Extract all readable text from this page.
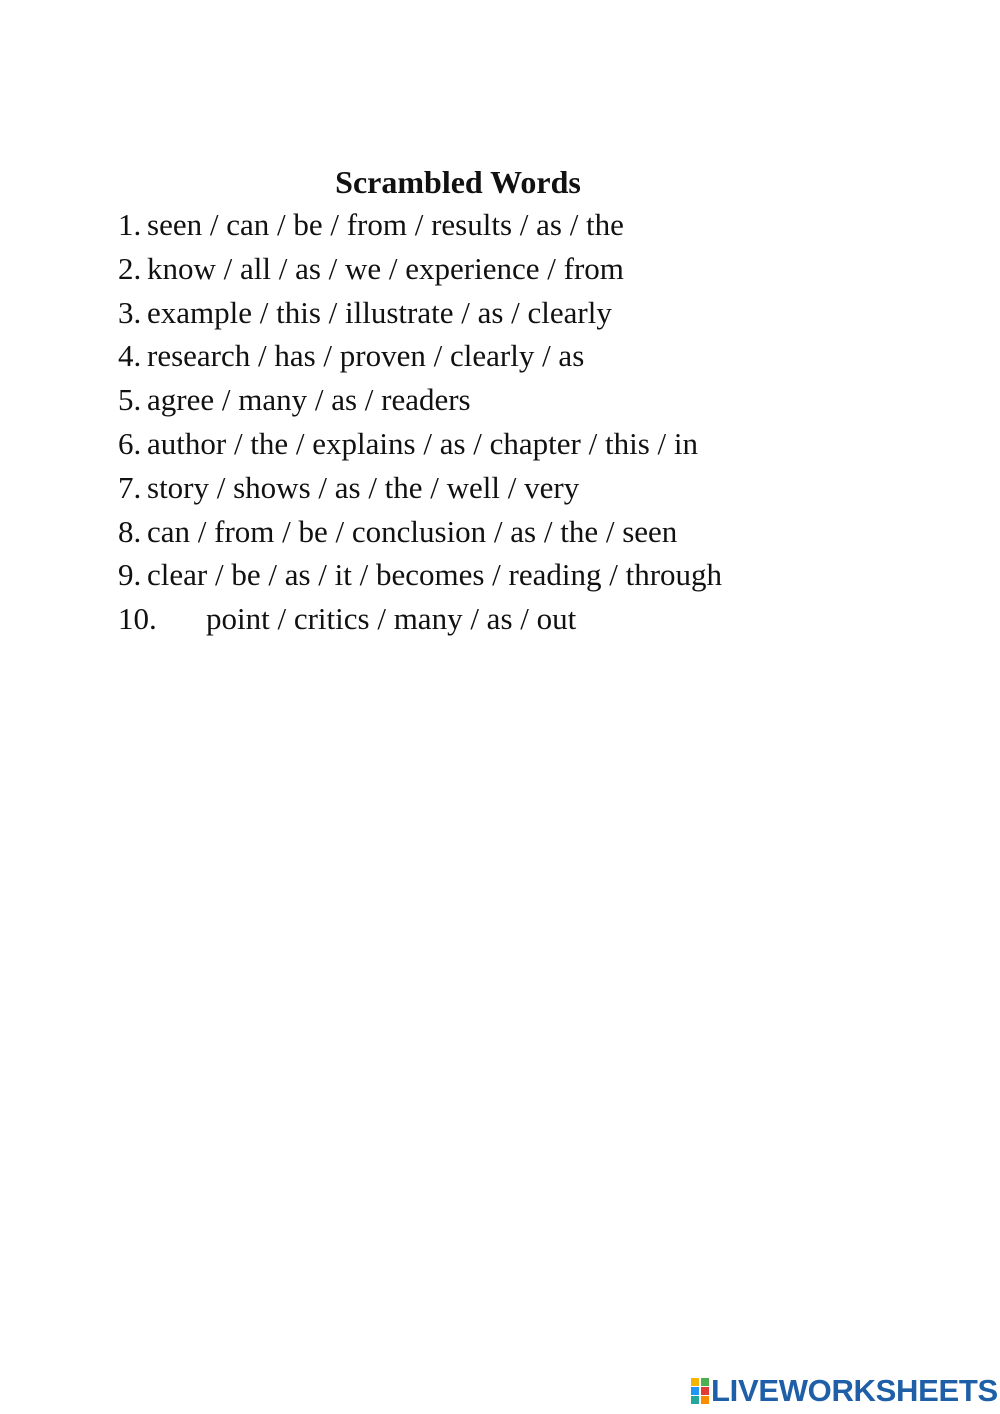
Scrambled Words
1. seen / can / be / from / results / as / the
2. know / all / as / we / experience / from
3. example / this / illustrate / as / clearly
4. research / has / proven / clearly / as
5. agree / many / as / readers
6. author / the / explains / as / chapter / this / in
7. story / shows / as / the / well / very
8. can / from / be / conclusion / as / the / seen
9. clear / be / as / it / becomes / reading / through
10.	point / critics / many / as / out
LIVEWORKSHEETS
